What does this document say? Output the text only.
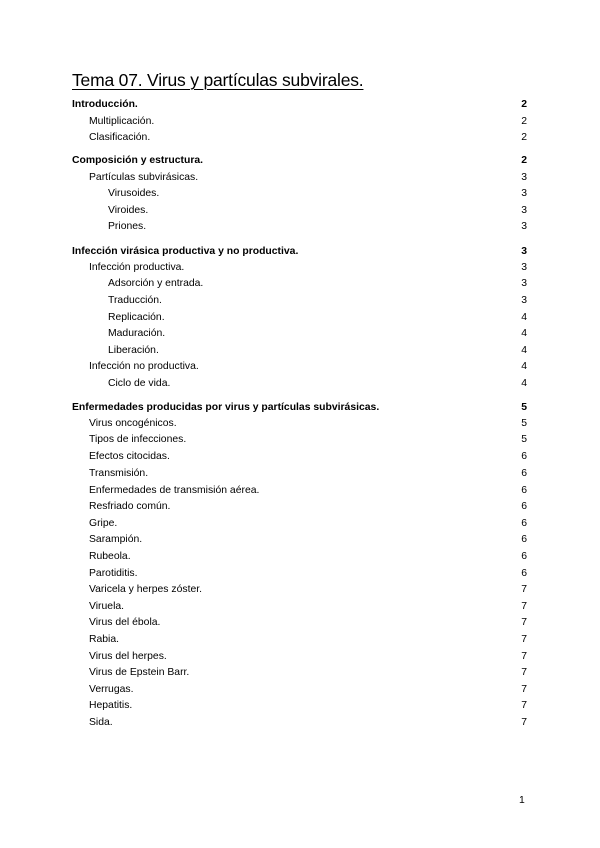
Tema 07. Virus y partículas subvirales.
Introducción.	2
Multiplicación.	2
Clasificación.	2
Composición y estructura.	2
Partículas subvirásicas.	3
Virusoides.	3
Viroides.	3
Priones.	3
Infección virásica productiva y no productiva.	3
Infección productiva.	3
Adsorción y entrada.	3
Traducción.	3
Replicación.	4
Maduración.	4
Liberación.	4
Infección no productiva.	4
Ciclo de vida.	4
Enfermedades producidas por virus y partículas subvirásicas.	5
Virus oncogénicos.	5
Tipos de infecciones.	5
Efectos citocidas.	6
Transmisión.	6
Enfermedades de transmisión aérea.	6
Resfriado común.	6
Gripe.	6
Sarampión.	6
Rubeola.	6
Parotiditis.	6
Varicela y herpes zóster.	7
Viruela.	7
Virus del ébola.	7
Rabia.	7
Virus del herpes.	7
Virus de Epstein Barr.	7
Verrugas.	7
Hepatitis.	7
Sida.	7
1
